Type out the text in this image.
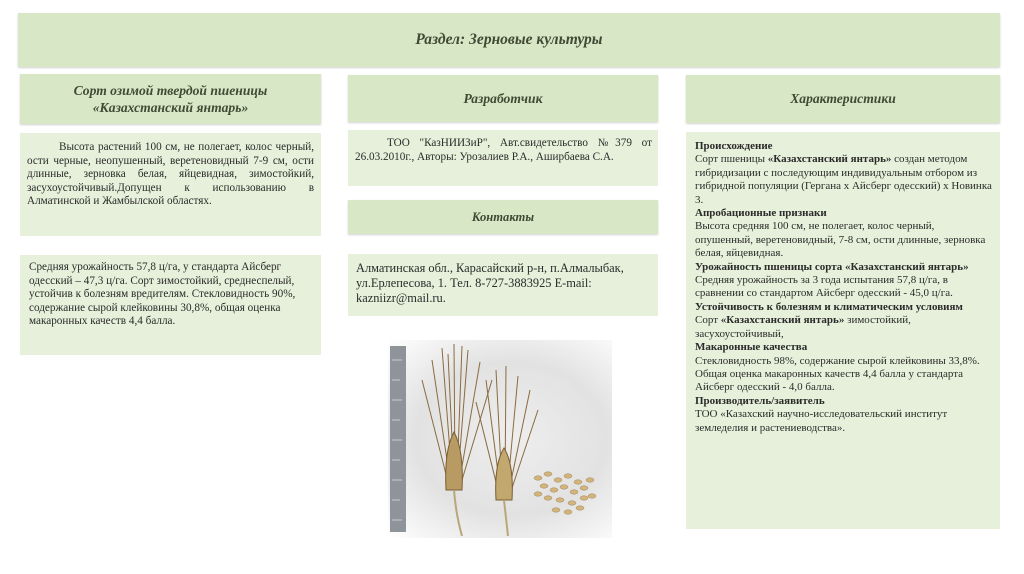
Раздел: Зерновые культуры
Сорт озимой твердой пшеницы
«Казахстанский янтарь»
Разработчик	Характеристики
Контакты
Высота растений 100 см, не полегает, колос черный, ости черные, неопушенный, веретеновидный 7-9 см, ости длинные, зерновка белая, яйцевидная, зимостойкий, засухоустойчивый.Допущен к использованию в Алматинской и Жамбылской областях.
Средняя урожайность 57,8 ц/га, у стандарта Айсберг одесский – 47,3 ц/га. Сорт зимостойкий, среднеспелый, устойчив к болезням вредителям. Стекловидность 90%, содержание сырой клейковины 30,8%, общая оценка макаронных качеств 4,4 балла.
ТОО "КазНИИЗиР", Авт.свидетельство №379 от 26.03.2010г., Авторы: Урозалиев Р.А., Аширбаева С.А.
Алматинская обл., Карасайский р-н, п.Алмалыбак, ул.Ерлепесова, 1. Тел. 8-727-3883925 E-mail: kazniizr@mail.ru.
Происхождение
Сорт пшеницы «Казахстанский янтарь» создан методом гибридизации с последующим индивидуальным отбором из гибридной популяции (Гергана х Айсберг одесский) х Новинка 3.
Апробационные признаки
Высота средняя 100 см, не полегает, колос черный, опушенный, веретеновидный, 7-8 см, ости длинные, зерновка белая, яйцевидная.
Урожайность пшеницы сорта «Казахстанский янтарь»
Средняя урожайность за 3 года испытания 57,8 ц/га, в сравнении со стандартом Айсберг одесский - 45,0 ц/га.
Устойчивость к болезням и климатическим условиям
Сорт «Казахстанский янтарь» зимостойкий, засухоустойчивый,
Макаронные качества
Стекловидность 98%, содержание сырой клейковины 33,8%. Общая оценка макаронных качеств 4,4 балла у стандарта Айсберг одесский - 4,0 балла.
Производитель/заявитель
ТОО «Казахский научно-исследовательский институт земледелия и растениеводства».
